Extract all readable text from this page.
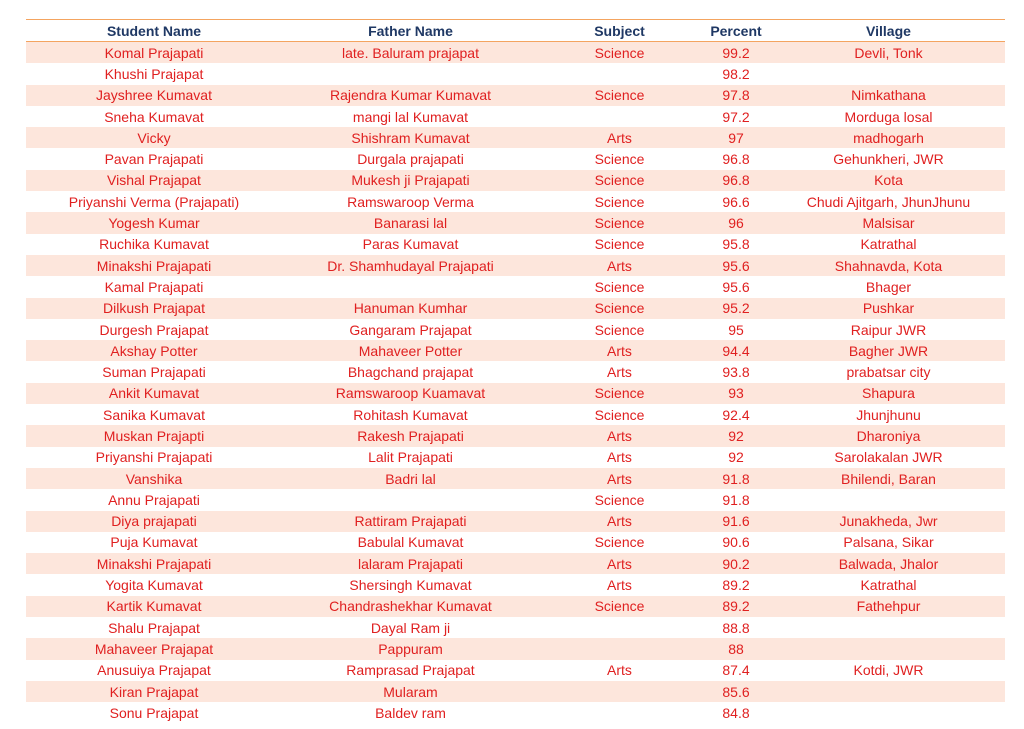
Student Name	Father Name	Subject	Percent	Village
Komal Prajapati	late. Baluram prajapat	Science	99.2	Devli, Tonk
Khushi Prajapat			98.2	
Jayshree Kumavat	Rajendra Kumar Kumavat	Science	97.8	Nimkathana
Sneha Kumavat	mangi lal Kumavat		97.2	Morduga losal
Vicky	Shishram Kumavat	Arts	97	madhogarh
Pavan Prajapati	Durgala prajapati	Science	96.8	Gehunkheri, JWR
Vishal Prajapat	Mukesh ji Prajapati	Science	96.8	Kota
Priyanshi Verma (Prajapati)	Ramswaroop Verma	Science	96.6	Chudi Ajitgarh, JhunJhunu
Yogesh Kumar	Banarasi lal	Science	96	Malsisar
Ruchika Kumavat	Paras Kumavat	Science	95.8	Katrathal
Minakshi Prajapati	Dr. Shamhudayal Prajapati	Arts	95.6	Shahnavda, Kota
Kamal Prajapati		Science	95.6	Bhager
Dilkush Prajapat	Hanuman Kumhar	Science	95.2	Pushkar
Durgesh Prajapat	Gangaram Prajapat	Science	95	Raipur JWR
Akshay Potter	Mahaveer Potter	Arts	94.4	Bagher JWR
Suman Prajapati	Bhagchand prajapat	Arts	93.8	prabatsar city
Ankit Kumavat	Ramswaroop Kuamavat	Science	93	Shapura
Sanika Kumavat	Rohitash Kumavat	Science	92.4	Jhunjhunu
Muskan Prajapti	Rakesh Prajapati	Arts	92	Dharoniya
Priyanshi Prajapati	Lalit Prajapati	Arts	92	Sarolakalan JWR
Vanshika	Badri lal	Arts	91.8	Bhilendi, Baran
Annu Prajapati		Science	91.8	
Diya prajapati	Rattiram Prajapati	Arts	91.6	Junakheda, Jwr
Puja Kumavat	Babulal Kumavat	Science	90.6	Palsana, Sikar
Minakshi Prajapati	lalaram Prajapati	Arts	90.2	Balwada, Jhalor
Yogita Kumavat	Shersingh Kumavat	Arts	89.2	Katrathal
Kartik Kumavat	Chandrashekhar Kumavat	Science	89.2	Fathehpur
Shalu Prajapat	Dayal Ram ji		88.8	
Mahaveer Prajapat	Pappuram		88	
Anusuiya Prajapat	Ramprasad Prajapat	Arts	87.4	Kotdi, JWR
Kiran Prajapat	Mularam		85.6	
Sonu Prajapat	Baldev ram		84.8	
